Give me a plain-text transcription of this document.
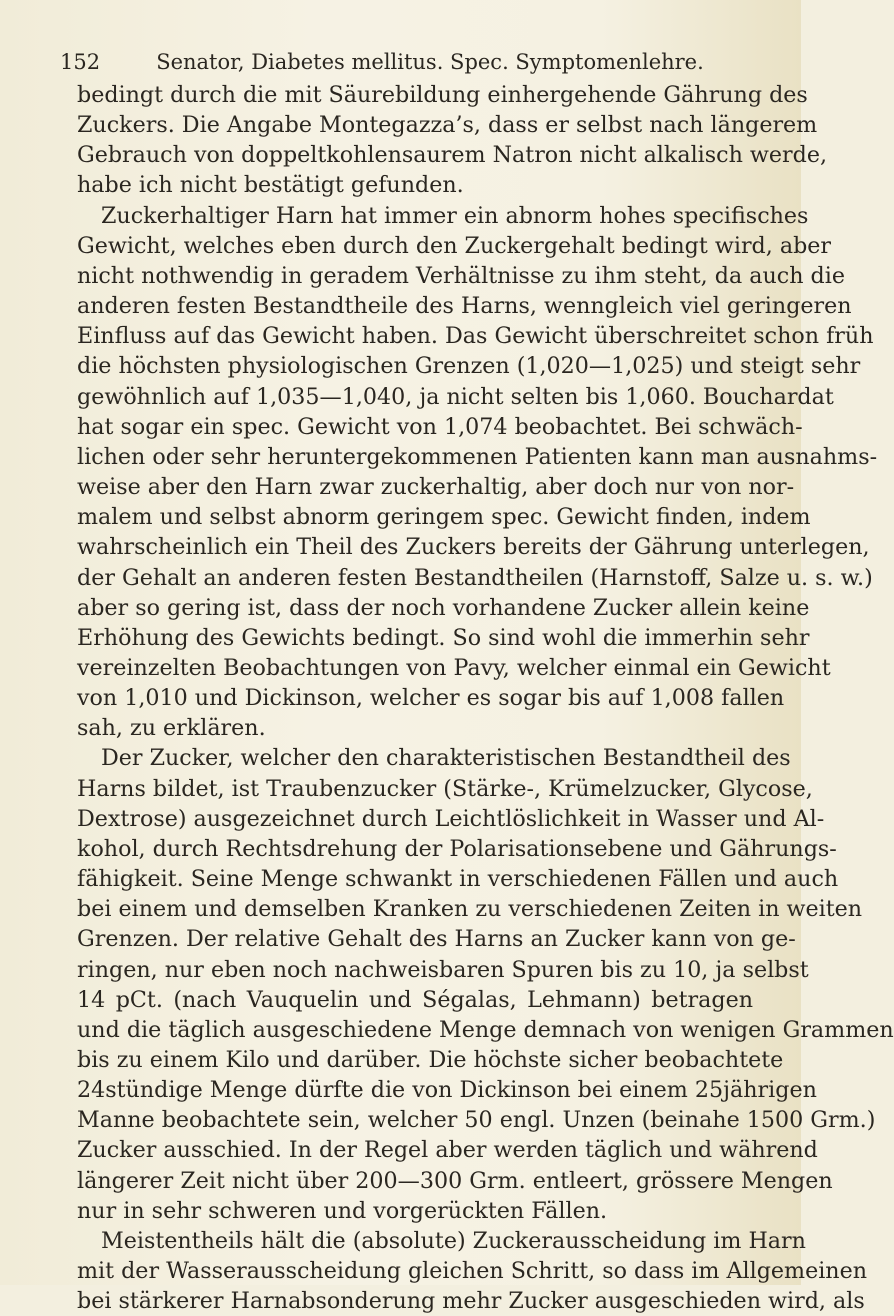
152	Senator, Diabetes mellitus. Spec. Symptomenlehre.
bedingt durch die mit Säurebildung einhergehende Gährung des
Zuckers. Die Angabe Montegazza’s, dass er selbst nach längerem
Gebrauch von doppeltkohlensaurem Natron nicht alkalisch werde,
habe ich nicht bestätigt gefunden.
Zuckerhaltiger Harn hat immer ein abnorm hohes specifisches
Gewicht, welches eben durch den Zuckergehalt bedingt wird, aber
nicht nothwendig in geradem Verhältnisse zu ihm steht, da auch die
anderen festen Bestandtheile des Harns, wenngleich viel geringeren
Einfluss auf das Gewicht haben. Das Gewicht überschreitet schon früh
die höchsten physiologischen Grenzen (1,020—1,025) und steigt sehr
gewöhnlich auf 1,035—1,040, ja nicht selten bis 1,060. Bouchardat
hat sogar ein spec. Gewicht von 1,074 beobachtet. Bei schwäch-
lichen oder sehr heruntergekommenen Patienten kann man ausnahms-
weise aber den Harn zwar zuckerhaltig, aber doch nur von nor-
malem und selbst abnorm geringem spec. Gewicht finden, indem
wahrscheinlich ein Theil des Zuckers bereits der Gährung unterlegen,
der Gehalt an anderen festen Bestandtheilen (Harnstoff, Salze u. s. w.)
aber so gering ist, dass der noch vorhandene Zucker allein keine
Erhöhung des Gewichts bedingt. So sind wohl die immerhin sehr
vereinzelten Beobachtungen von Pavy, welcher einmal ein Gewicht
von 1,010 und Dickinson, welcher es sogar bis auf 1,008 fallen
sah, zu erklären.
Der Zucker, welcher den charakteristischen Bestandtheil des
Harns bildet, ist Traubenzucker (Stärke-, Krümelzucker, Glycose,
Dextrose) ausgezeichnet durch Leichtlöslichkeit in Wasser und Al-
kohol, durch Rechtsdrehung der Polarisationsebene und Gährungs-
fähigkeit. Seine Menge schwankt in verschiedenen Fällen und auch
bei einem und demselben Kranken zu verschiedenen Zeiten in weiten
Grenzen. Der relative Gehalt des Harns an Zucker kann von ge-
ringen, nur eben noch nachweisbaren Spuren bis zu 10, ja selbst
14 pCt. (nach Vauquelin und Ségalas, Lehmann) betragen
und die täglich ausgeschiedene Menge demnach von wenigen Grammen
bis zu einem Kilo und darüber. Die höchste sicher beobachtete
24stündige Menge dürfte die von Dickinson bei einem 25jährigen
Manne beobachtete sein, welcher 50 engl. Unzen (beinahe 1500 Grm.)
Zucker ausschied. In der Regel aber werden täglich und während
längerer Zeit nicht über 200—300 Grm. entleert, grössere Mengen
nur in sehr schweren und vorgerückten Fällen.
Meistentheils hält die (absolute) Zuckerausscheidung im Harn
mit der Wasserausscheidung gleichen Schritt, so dass im Allgemeinen
bei stärkerer Harnabsonderung mehr Zucker ausgeschieden wird, als
